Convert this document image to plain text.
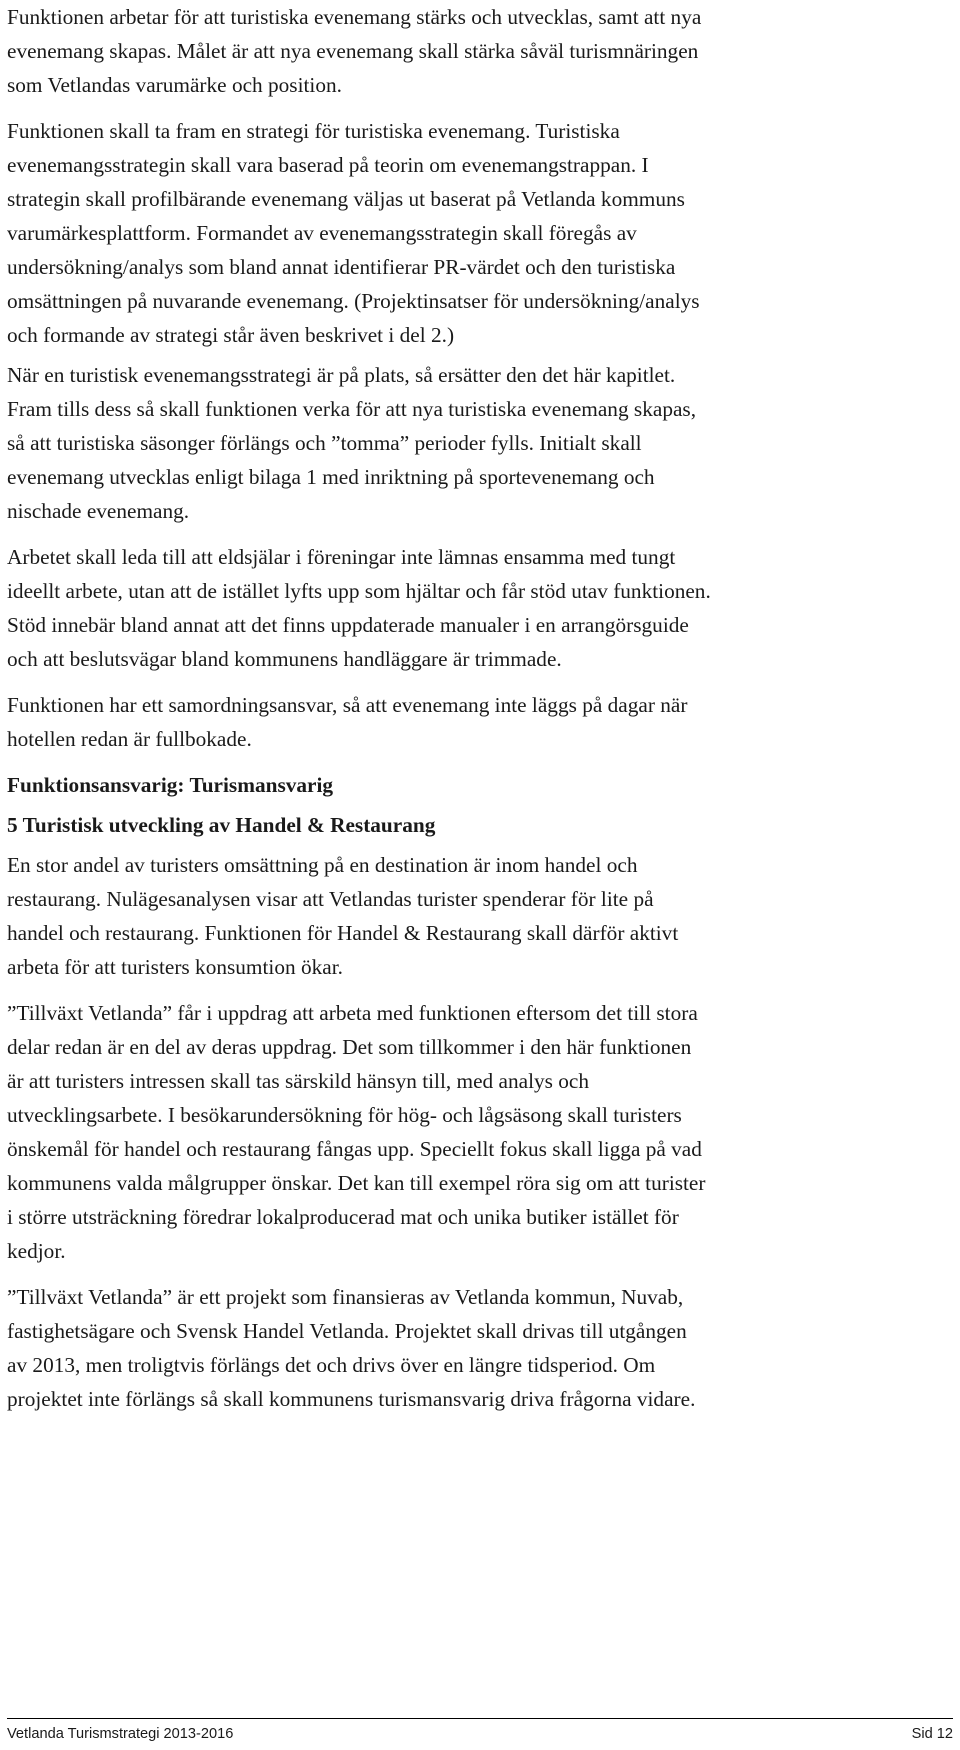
Funktionen arbetar för att turistiska evenemang stärks och utvecklas, samt att nya
evenemang skapas. Målet är att nya evenemang skall stärka såväl turismnäringen
som Vetlandas varumärke och position.

Funktionen skall ta fram en strategi för turistiska evenemang. Turistiska
evenemangsstrategin skall vara baserad på teorin om evenemangstrappan. I
strategin skall profilbärande evenemang väljas ut baserat på Vetlanda kommuns
varumärkesplattform. Formandet av evenemangsstrategin skall föregås av
undersökning/analys som bland annat identifierar PR-värdet och den turistiska
omsättningen på nuvarande evenemang. (Projektinsatser för undersökning/analys
och formande av strategi står även beskrivet i del 2.)

När en turistisk evenemangsstrategi är på plats, så ersätter den det här kapitlet.
Fram tills dess så skall funktionen verka för att nya turistiska evenemang skapas,
så att turistiska säsonger förlängs och ”tomma” perioder fylls. Initialt skall
evenemang utvecklas enligt bilaga 1 med inriktning på sportevenemang och
nischade evenemang.

Arbetet skall leda till att eldsjälar i föreningar inte lämnas ensamma med tungt
ideellt arbete, utan att de istället lyfts upp som hjältar och får stöd utav funktionen.
Stöd innebär bland annat att det finns uppdaterade manualer i en arrangörsguide
och att beslutsvägar bland kommunens handläggare är trimmade.

Funktionen har ett samordningsansvar, så att evenemang inte läggs på dagar när
hotellen redan är fullbokade.

Funktionsansvarig: Turismansvarig

5 Turistisk utveckling av Handel & Restaurang

En stor andel av turisters omsättning på en destination är inom handel och
restaurang. Nulägesanalysen visar att Vetlandas turister spenderar för lite på
handel och restaurang. Funktionen för Handel & Restaurang skall därför aktivt
arbeta för att turisters konsumtion ökar.

”Tillväxt Vetlanda” får i uppdrag att arbeta med funktionen eftersom det till stora
delar redan är en del av deras uppdrag. Det som tillkommer i den här funktionen
är att turisters intressen skall tas särskild hänsyn till, med analys och
utvecklingsarbete. I besökarundersökning för hög- och lågsäsong skall turisters
önskemål för handel och restaurang fångas upp. Speciellt fokus skall ligga på vad
kommunens valda målgrupper önskar. Det kan till exempel röra sig om att turister
i större utsträckning föredrar lokalproducerad mat och unika butiker istället för
kedjor.

”Tillväxt Vetlanda” är ett projekt som finansieras av Vetlanda kommun, Nuvab,
fastighetsägare och Svensk Handel Vetlanda. Projektet skall drivas till utgången
av 2013, men troligtvis förlängs det och drivs över en längre tidsperiod. Om
projektet inte förlängs så skall kommunens turismansvarig driva frågorna vidare.

Vetlanda Turismstrategi 2013-2016	Sid 12
